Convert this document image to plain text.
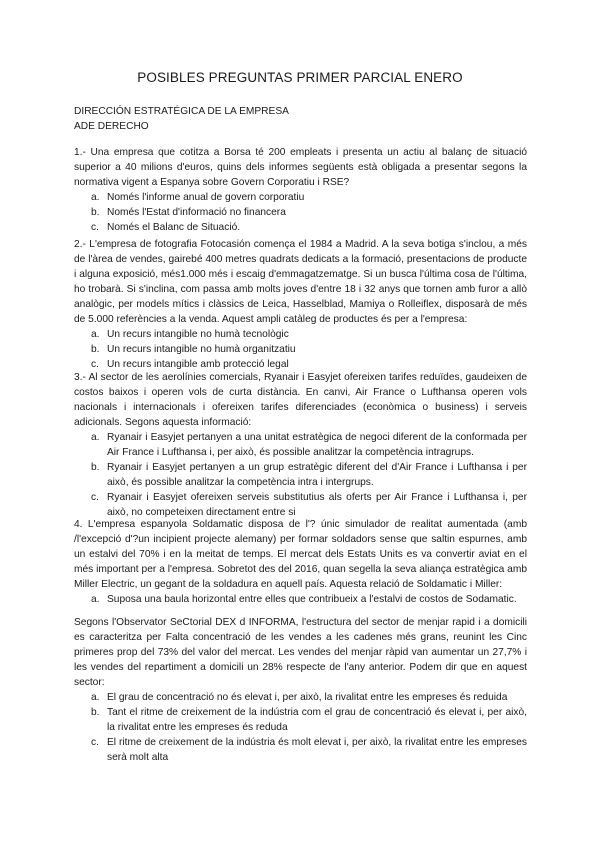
POSIBLES PREGUNTAS PRIMER PARCIAL ENERO
DIRECCIÓN ESTRATÉGICA DE LA EMPRESA
ADE DERECHO

1.- Una empresa que cotitza a Borsa té 200 empleats i presenta un actiu al balanç de situació superior a 40 milions d'euros, quins dels informes següents està obligada a presentar segons la normativa vigent a Espanya sobre Govern Corporatiu i RSE?

a. Només l'informe anual de govern corporatiu
b. Només l'Estat d'informació no financera
c. Només el Balanc de Situació.

2.- L'empresa de fotografia Fotocasión comença el 1984 a Madrid. A la seva botiga s'inclou, a més de l'àrea de vendes, gairebé 400 metres quadrats dedicats a la formació, presentacions de producte i alguna exposició, més1.000 més i escaig d'emmagatzematge. Si un busca l'última cosa de l'última, ho trobarà. Si s'inclina, com passa amb molts joves d'entre 18 i 32 anys que tornen amb furor a allò analògic, per models mítics i clàssics de Leica, Hasselblad, Mamiya o Rolleiflex, disposarà de més de 5.000 referències a la venda. Aquest ampli catàleg de productes és per a l'empresa:

a. Un recurs intangible no humà tecnològic
b. Un recurs intangible no humà organitzatiu
c. Un recurs intangible amb protecció legal

3.- Al sector de les aerolínies comercials, Ryanair i Easyjet ofereixen tarifes reduïdes, gaudeixen de costos baixos i operen vols de curta distància. En canvi, Air France o Lufthansa operen vols nacionals i internacionals i ofereixen tarifes diferenciades (econòmica o business) i serveis adicionals. Segons aquesta informació:

a. Ryanair i Easyjet pertanyen a una unitat estratègica de negoci diferent de la conformada per Air France i Lufthansa i, per això, és possible analitzar la competència intragrups.
b. Ryanair i Easyjet pertanyen a un grup estratègic diferent del d'Air France i Lufthansa i per això, és possible analitzar la competència intra i intergrups.
c. Ryanair i Easyjet ofereixen serveis substitutius als oferts per Air France i Lufthansa i, per això, no competeixen directament entre si

4. L'empresa espanyola Soldamatic disposa de l'? únic simulador de realitat aumentada (amb /l'excepció d'?un incipient projecte alemany) per formar soldadors sense que saltin espurnes, amb un estalvi del 70% i en la meitat de temps. El mercat dels Estats Units es va convertir aviat en el més important per a l'empresa. Sobretot des del 2016, quan segella la seva aliança estratègica amb Miller Electric, un gegant de la soldadura en aquell país. Aquesta relació de Soldamatic i Miller:

a. Suposa una baula horizontal entre elles que contribueix a l'estalvi de costos de Sodamatic.

Segons l'Observator SeCtorial DEX d INFORMA, l'estructura del sector de menjar rapid i a domicili es caracteritza per Falta concentració de les vendes a les cadenes més grans, reunint les Cinc primeres prop del 73% del valor del mercat. Les vendes del menjar ràpid van aumentar un 27,7% i les vendes del repartiment a domicili un 28% respecte de l'any anterior. Podem dir que en aquest sector:

a. El grau de concentració no és elevat i, per això, la rivalitat entre les empreses és reduida
b. Tant el ritme de creixement de la indústria com el grau de concentració és elevat i, per això, la rivalitat entre les empreses és reduda
c. El ritme de creixement de la indústria és molt elevat i, per això, la rivalitat entre les empreses serà molt alta
